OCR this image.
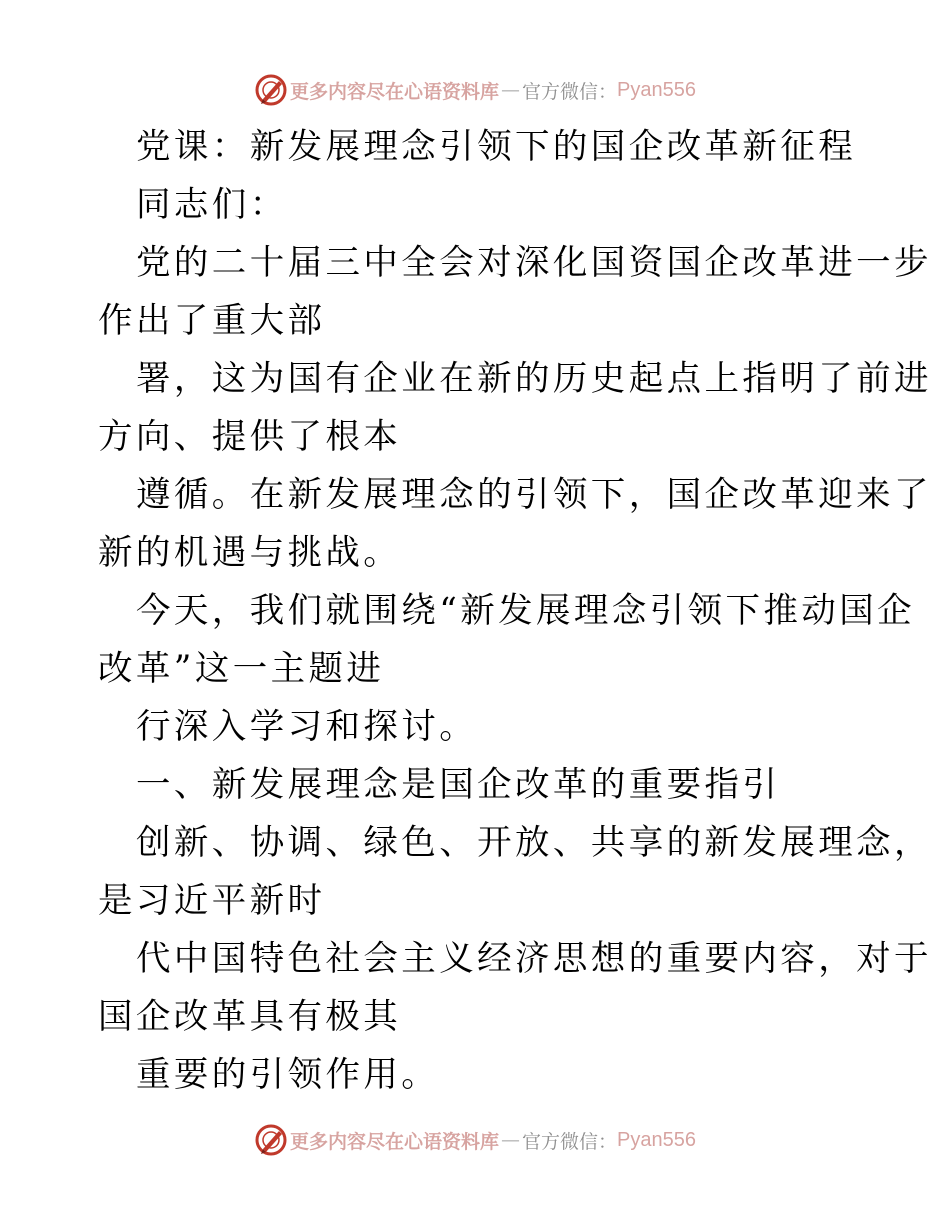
更多内容尽在心语资料库 — 官方微信： Pyan556

党课：新发展理念引领下的国企改革新征程

同志们：

党的二十届三中全会对深化国资国企改革进一步

作出了重大部

署，这为国有企业在新的历史起点上指明了前进

方向、提供了根本

遵循。在新发展理念的引领下，国企改革迎来了

新的机遇与挑战。

今天，我们就围绕“新发展理念引领下推动国企

改革”这一主题进

行深入学习和探讨。

一、新发展理念是国企改革的重要指引

创新、协调、绿色、开放、共享的新发展理念，

是习近平新时

代中国特色社会主义经济思想的重要内容，对于

国企改革具有极其

重要的引领作用。

更多内容尽在心语资料库 — 官方微信： Pyan556
